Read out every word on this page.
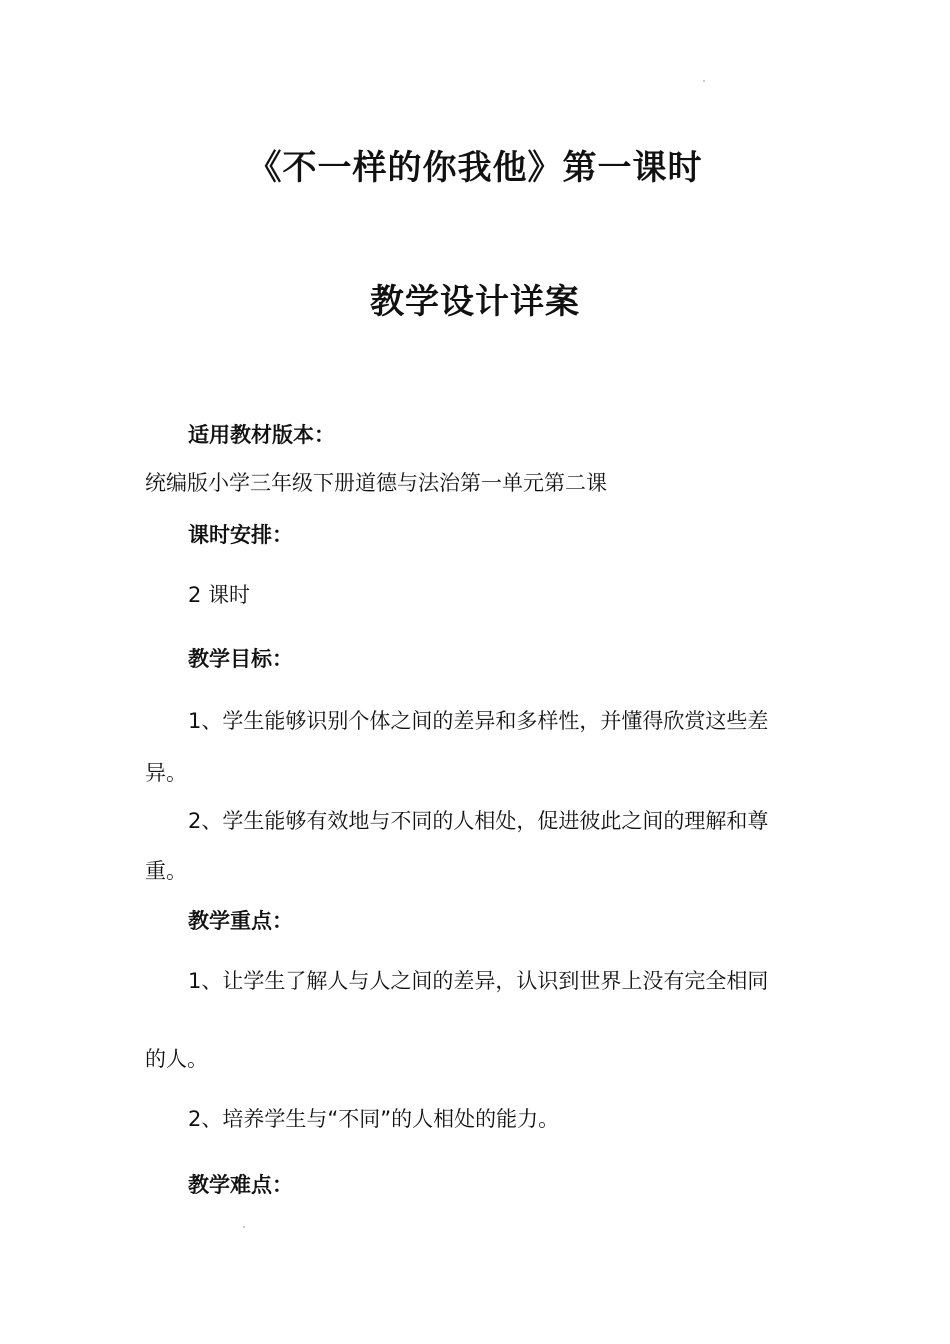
《不一样的你我他》第一课时
教学设计详案

适用教材版本：

统编版小学三年级下册道德与法治第一单元第二课

课时安排：

2 课时

教学目标：

1、学生能够识别个体之间的差异和多样性，并懂得欣赏这些差

异。

2、学生能够有效地与不同的人相处，促进彼此之间的理解和尊

重。

教学重点：

1、让学生了解人与人之间的差异，认识到世界上没有完全相同

的人。

2、培养学生与“不同”的人相处的能力。

教学难点：
